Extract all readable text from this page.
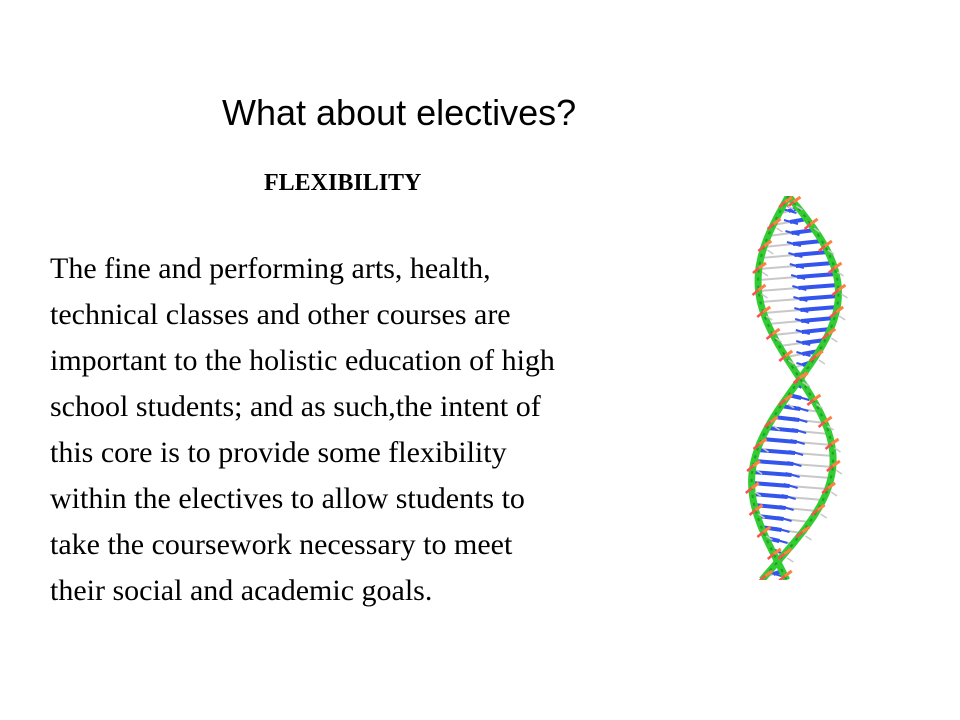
What about electives?
FLEXIBILITY
The fine and performing arts, health,
technical classes and other courses are
important to the holistic education of high
school students; and as such,the intent of
this core is to provide some flexibility
within the electives to allow students to
take the coursework necessary to meet
their social and academic goals.
